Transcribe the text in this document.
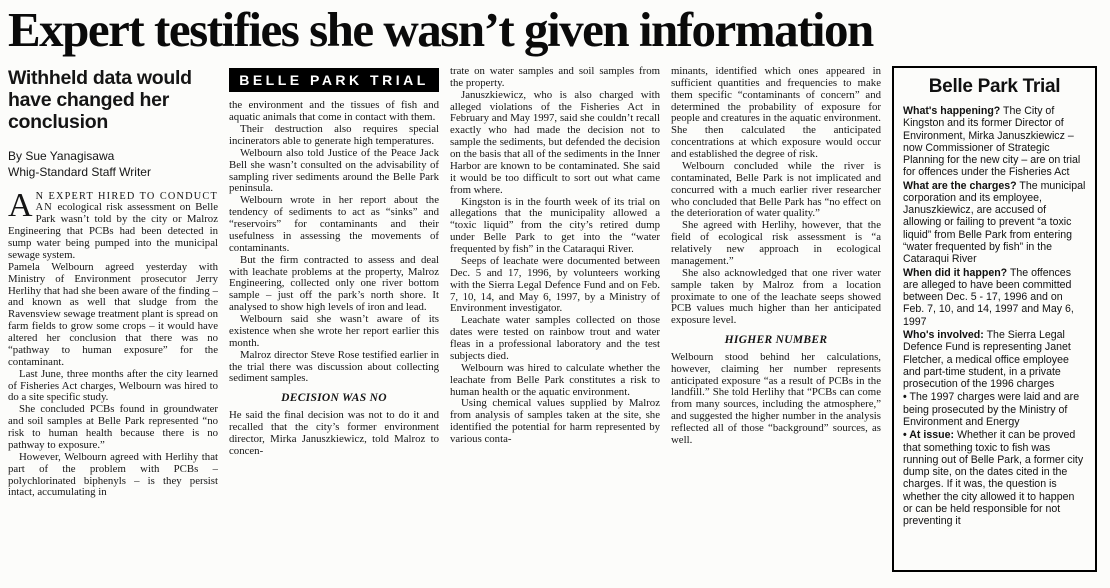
Expert testifies she wasn’t given information
Withheld data would have changed her conclusion
By Sue Yanagisawa
Whig-Standard Staff Writer

A N EXPERT HIRED TO CONDUCT AN ecological risk assessment on Belle Park wasn’t told by the city or Malroz Engineering that PCBs had been detected in sump water being pumped into the municipal sewage system.

Pamela Welbourn agreed yesterday with Ministry of Environment prosecutor Jerry Herlihy that had she been aware of the finding – and known as well that sludge from the Ravensview sewage treatment plant is spread on farm fields to grow some crops – it would have altered her conclusion that there was no “pathway to human exposure” for the contaminant.

Last June, three months after the city learned of Fisheries Act charges, Welbourn was hired to do a site specific study.

She concluded PCBs found in groundwater and soil samples at Belle Park represented “no risk to human health because there is no pathway to exposure.”

However, Welbourn agreed with Herlihy that part of the problem with PCBs – polychlorinated biphenyls – is they persist intact, accumulating in

BELLE PARK TRIAL

the environment and the tissues of fish and aquatic animals that come in contact with them.

Their destruction also requires special incinerators able to generate high temperatures.

Welbourn also told Justice of the Peace Jack Bell she wasn’t consulted on the advisability of sampling river sediments around the Belle Park peninsula.

Welbourn wrote in her report about the tendency of sediments to act as “sinks” and “reservoirs” for contaminants and their usefulness in assessing the movements of contaminants.

But the firm contracted to assess and deal with leachate problems at the property, Malroz Engineering, collected only one river bottom sample – just off the park’s north shore. It analysed to show high levels of iron and lead.

Welbourn said she wasn’t aware of its existence when she wrote her report earlier this month.

Malroz director Steve Rose testified earlier in the trial there was discussion about collecting sediment samples.

DECISION WAS NO

He said the final decision was not to do it and recalled that the city’s former environment director, Mirka Januszkiewicz, told Malroz to concen-

trate on water samples and soil samples from the property.

Januszkiewicz, who is also charged with alleged violations of the Fisheries Act in February and May 1997, said she couldn’t recall exactly who had made the decision not to sample the sediments, but defended the decision on the basis that all of the sediments in the Inner Harbor are known to be contaminated. She said it would be too difficult to sort out what came from where.

Kingston is in the fourth week of its trial on allegations that the municipality allowed a “toxic liquid” from the city’s retired dump under Belle Park to get into the “water frequented by fish” in the Cataraqui River.

Seeps of leachate were documented between Dec. 5 and 17, 1996, by volunteers working with the Sierra Legal Defence Fund and on Feb. 7, 10, 14, and May 6, 1997, by a Ministry of Environment investigator.

Leachate water samples collected on those dates were tested on rainbow trout and water fleas in a professional laboratory and the test subjects died.

Welbourn was hired to calculate whether the leachate from Belle Park constitutes a risk to human health or the aquatic environment.

Using chemical values supplied by Malroz from analysis of samples taken at the site, she identified the potential for harm represented by various conta-

minants, identified which ones appeared in sufficient quantities and frequencies to make them specific “contaminants of concern” and determined the probability of exposure for people and creatures in the aquatic environment. She then calculated the anticipated concentrations at which exposure would occur and established the degree of risk.

Welbourn concluded while the river is contaminated, Belle Park is not implicated and concurred with a much earlier river researcher who concluded that Belle Park has “no effect on the deterioration of water quality.”

She agreed with Herlihy, however, that the field of ecological risk assessment is “a relatively new approach in ecological management.”

She also acknowledged that one river water sample taken by Malroz from a location proximate to one of the leachate seeps showed PCB values much higher than her anticipated exposure level.

HIGHER NUMBER

Welbourn stood behind her calculations, however, claiming her number represents anticipated exposure “as a result of PCBs in the landfill.” She told Herlihy that “PCBs can come from many sources, including the atmosphere,” and suggested the higher number in the analysis reflected all of those “background” sources, as well.

Belle Park Trial

What's happening? The City of Kingston and its former Director of Environment, Mirka Januszkiewicz – now Commissioner of Strategic Planning for the new city – are on trial for offences under the Fisheries Act

What are the charges? The municipal corporation and its employee, Januszkiewicz, are accused of allowing or failing to prevent “a toxic liquid” from Belle Park from entering “water frequented by fish” in the Cataraqui River

When did it happen? The offences are alleged to have been committed between Dec. 5 - 17, 1996 and on Feb. 7, 10, and 14, 1997 and May 6, 1997

Who's involved: The Sierra Legal Defence Fund is representing Janet Fletcher, a medical office employee and part-time student, in a private prosecution of the 1996 charges

• The 1997 charges were laid and are being prosecuted by the Ministry of Environment and Energy

• At issue: Whether it can be proved that something toxic to fish was running out of Belle Park, a former city dump site, on the dates cited in the charges. If it was, the question is whether the city allowed it to happen or can be held responsible for not preventing it
